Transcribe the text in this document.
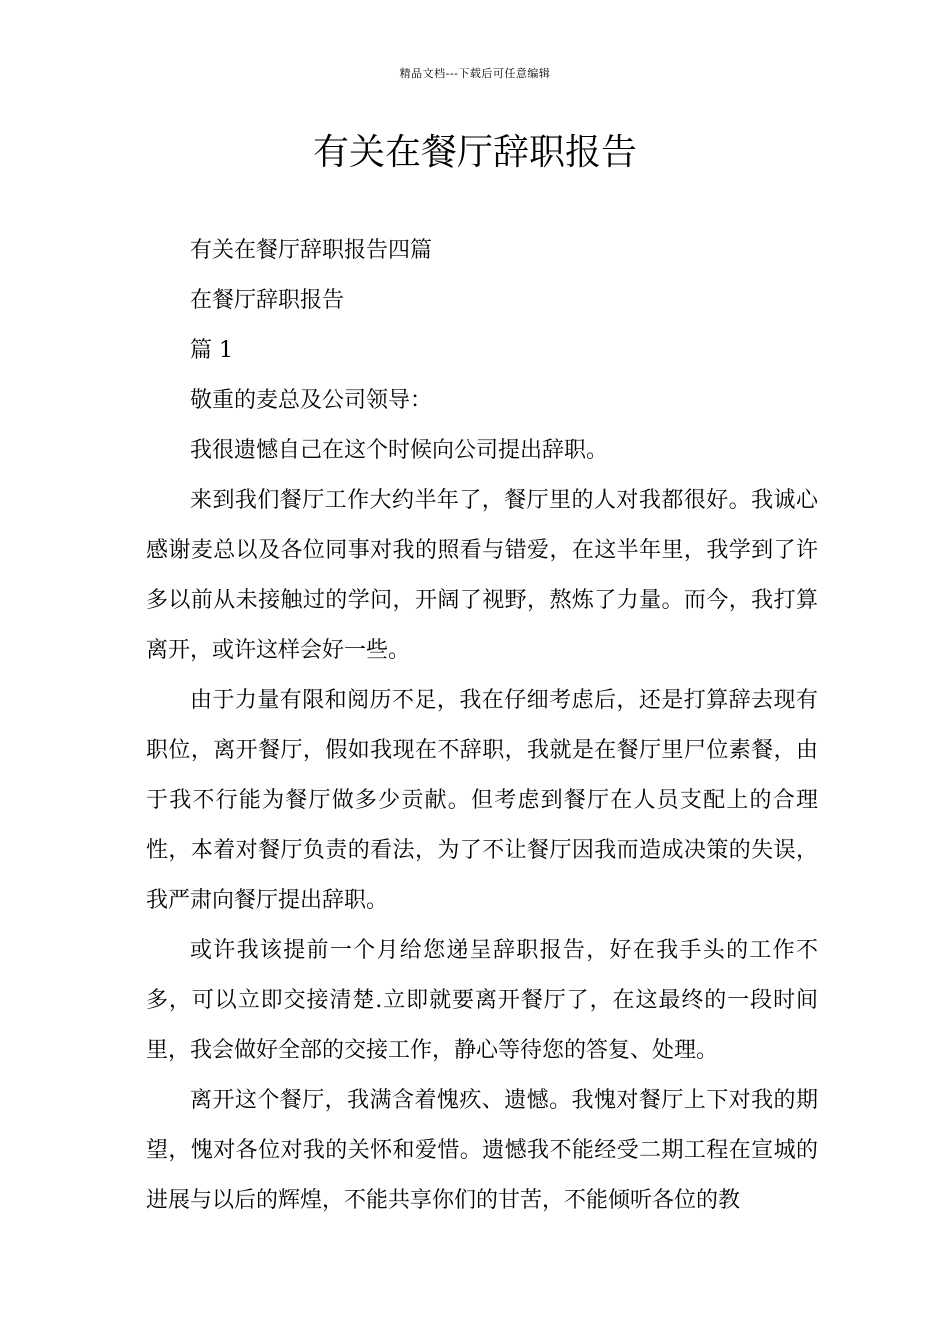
精品文档---下载后可任意编辑
有关在餐厅辞职报告

有关在餐厅辞职报告四篇

在餐厅辞职报告

篇 1

敬重的麦总及公司领导：

我很遗憾自己在这个时候向公司提出辞职。

来到我们餐厅工作大约半年了，餐厅里的人对我都很好。我诚心感谢麦总以及各位同事对我的照看与错爱，在这半年里，我学到了许多以前从未接触过的学问，开阔了视野，熬炼了力量。而今，我打算离开，或许这样会好一些。

由于力量有限和阅历不足，我在仔细考虑后，还是打算辞去现有职位，离开餐厅，假如我现在不辞职，我就是在餐厅里尸位素餐，由于我不行能为餐厅做多少贡献。但考虑到餐厅在人员支配上的合理性，本着对餐厅负责的看法，为了不让餐厅因我而造成决策的失误，我严肃向餐厅提出辞职。

或许我该提前一个月给您递呈辞职报告，好在我手头的工作不多，可以立即交接清楚.立即就要离开餐厅了，在这最终的一段时间里，我会做好全部的交接工作，静心等待您的答复、处理。

离开这个餐厅，我满含着愧疚、遗憾。我愧对餐厅上下对我的期望，愧对各位对我的关怀和爱惜。遗憾我不能经受二期工程在宣城的进展与以后的辉煌，不能共享你们的甘苦，不能倾听各位的教
